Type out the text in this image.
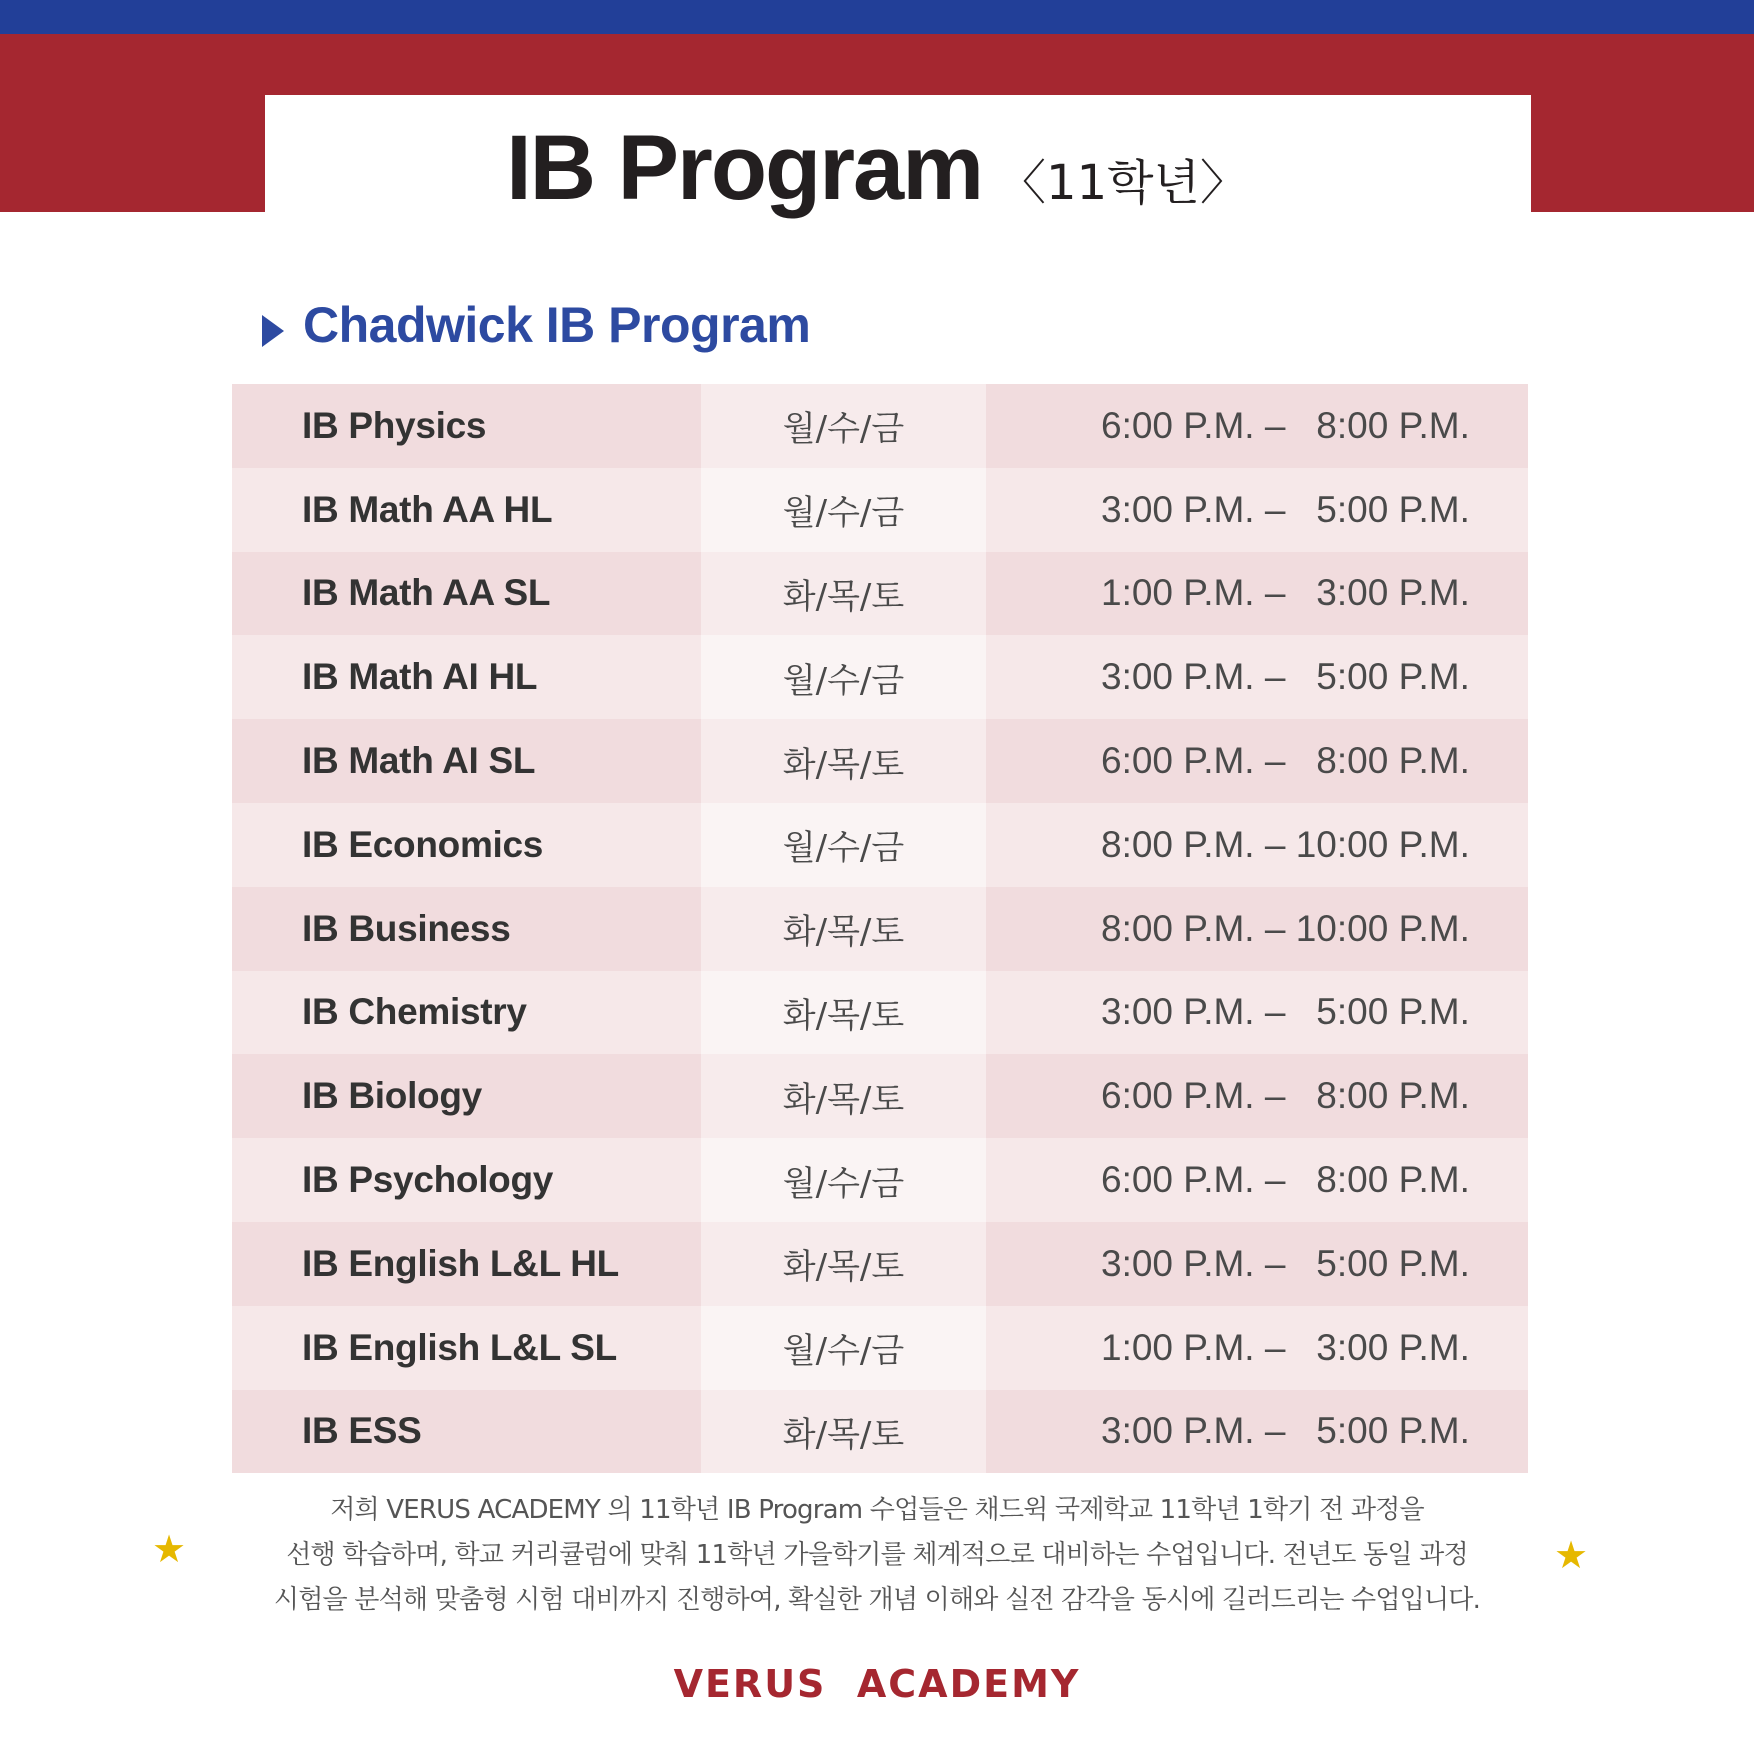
IB Program 〈11학년〉
Chadwick IB Program
IB Physics	월/수/금	6:00 P.M. –   8:00 P.M.
IB Math AA HL	월/수/금	3:00 P.M. –   5:00 P.M.
IB Math AA SL	화/목/토	1:00 P.M. –   3:00 P.M.
IB Math AI HL	월/수/금	3:00 P.M. –   5:00 P.M.
IB Math AI SL	화/목/토	6:00 P.M. –   8:00 P.M.
IB Economics	월/수/금	8:00 P.M. – 10:00 P.M.
IB Business	화/목/토	8:00 P.M. – 10:00 P.M.
IB Chemistry	화/목/토	3:00 P.M. –   5:00 P.M.
IB Biology	화/목/토	6:00 P.M. –   8:00 P.M.
IB Psychology	월/수/금	6:00 P.M. –   8:00 P.M.
IB English L&L HL	화/목/토	3:00 P.M. –   5:00 P.M.
IB English L&L SL	월/수/금	1:00 P.M. –   3:00 P.M.
IB ESS	화/목/토	3:00 P.M. –   5:00 P.M.
★	★
저희 VERUS ACADEMY 의 11학년 IB Program 수업들은 채드윅 국제학교 11학년 1학기 전 과정을
선행 학습하며, 학교 커리큘럼에 맞춰 11학년 가을학기를 체계적으로 대비하는 수업입니다. 전년도 동일 과정
시험을 분석해 맞춤형 시험 대비까지 진행하여, 확실한 개념 이해와 실전 감각을 동시에 길러드리는 수업입니다.
VERUS  ACADEMY
